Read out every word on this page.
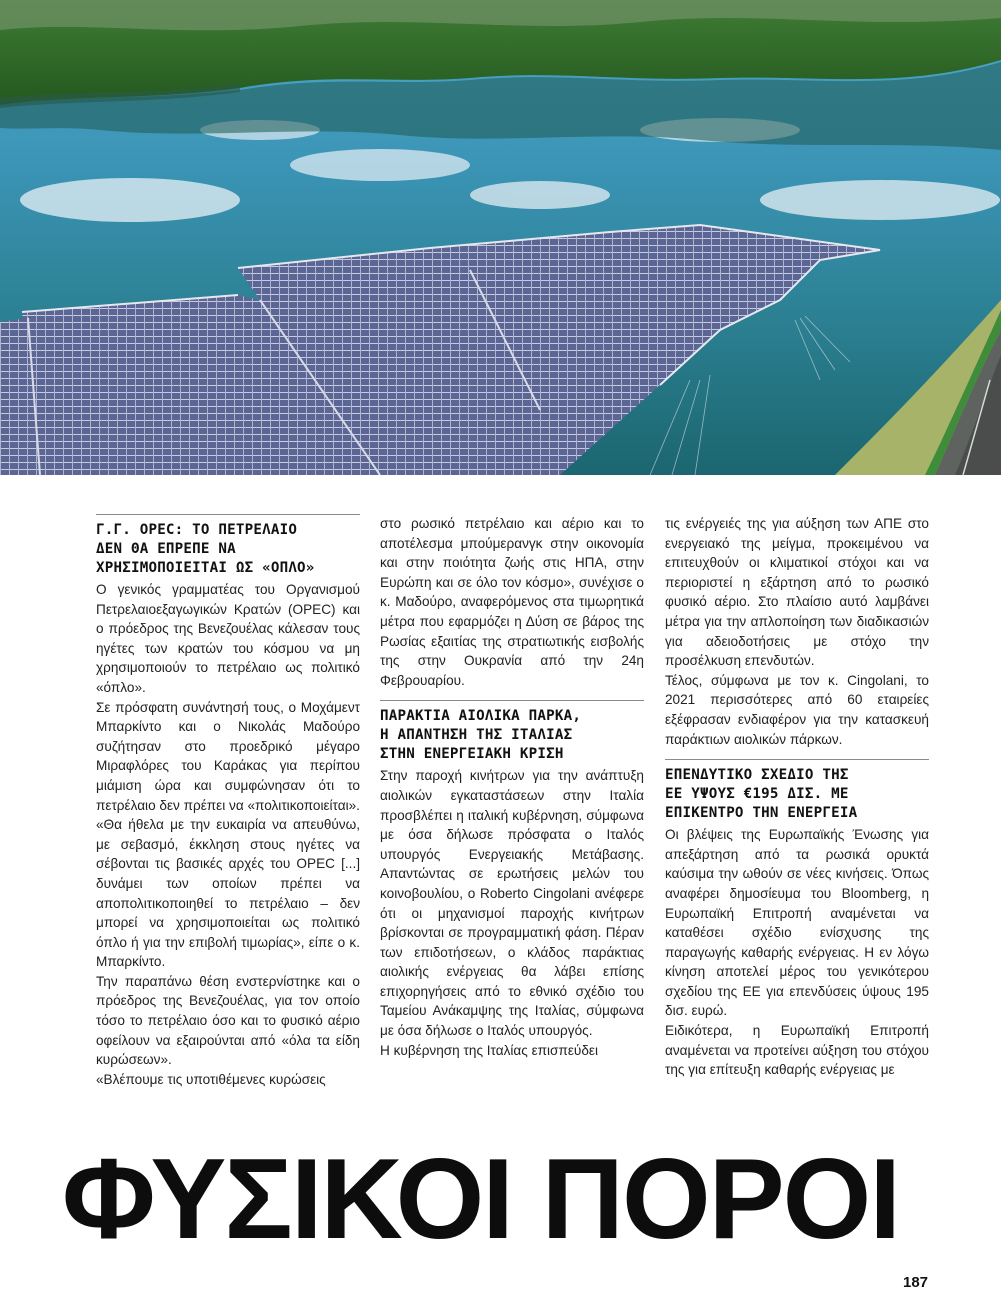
Γ.Γ. OPEC: ΤΟ ΠΕΤΡΕΛΑΙΟ
ΔΕΝ ΘΑ ΕΠΡΕΠΕ ΝΑ
ΧΡΗΣΙΜΟΠΟΙΕΙΤΑΙ ΩΣ «ΟΠΛΟ»

Ο γενικός γραμματέας του Οργανισμού Πετρελαιοεξαγωγικών Κρατών (OPEC) και ο πρόεδρος της Βενεζουέλας κάλεσαν τους ηγέτες των κρατών του κόσμου να μη χρησιμοποιούν το πετρέλαιο ως πολιτικό «όπλο».

Σε πρόσφατη συνάντησή τους, ο Μοχάμεντ Μπαρκίντο και ο Νικολάς Μαδούρο συζήτησαν στο προεδρικό μέγαρο Μιραφλόρες του Καράκας για περίπου μιάμιση ώρα και συμφώνησαν ότι το πετρέλαιο δεν πρέπει να «πολιτικοποιείται».

«Θα ήθελα με την ευκαιρία να απευθύνω, με σεβασμό, έκκληση στους ηγέτες να σέβονται τις βασικές αρχές του OPEC [...] δυνάμει των οποίων πρέπει να αποπολιτικοποιηθεί το πετρέλαιο – δεν μπορεί να χρησιμοποιείται ως πολιτικό όπλο ή για την επιβολή τιμωρίας», είπε ο κ. Μπαρκίντο.

Την παραπάνω θέση ενστερνίστηκε και ο πρόεδρος της Βενεζουέλας, για τον οποίο τόσο το πετρέλαιο όσο και το φυσικό αέριο οφείλουν να εξαιρούνται από «όλα τα είδη κυρώσεων».

«Βλέπουμε τις υποτιθέμενες κυρώσεις

στο ρωσικό πετρέλαιο και αέριο και το αποτέλεσμα μπούμερανγκ στην οικονομία και στην ποιότητα ζωής στις ΗΠΑ, στην Ευρώπη και σε όλο τον κόσμο», συνέχισε ο κ. Μαδούρο, αναφερόμενος στα τιμωρητικά μέτρα που εφαρμόζει η Δύση σε βάρος της Ρωσίας εξαιτίας της στρατιωτικής εισβολής της στην Ουκρανία από την 24η Φεβρουαρίου.

ΠΑΡΑΚΤΙΑ ΑΙΟΛΙΚΑ ΠΑΡΚΑ,
Η ΑΠΑΝΤΗΣΗ ΤΗΣ ΙΤΑΛΙΑΣ
ΣΤΗΝ ΕΝΕΡΓΕΙΑΚΗ ΚΡΙΣΗ

Στην παροχή κινήτρων για την ανάπτυξη αιολικών εγκαταστάσεων στην Ιταλία προσβλέπει η ιταλική κυβέρνηση, σύμφωνα με όσα δήλωσε πρόσφατα ο Ιταλός υπουργός Ενεργειακής Μετάβασης. Απαντώντας σε ερωτήσεις μελών του κοινοβουλίου, ο Roberto Cingolani ανέφερε ότι οι μηχανισμοί παροχής κινήτρων βρίσκονται σε προγραμματική φάση. Πέραν των επιδοτήσεων, ο κλάδος παράκτιας αιολικής ενέργειας θα λάβει επίσης επιχορηγήσεις από το εθνικό σχέδιο του Ταμείου Ανάκαμψης της Ιταλίας, σύμφωνα με όσα δήλωσε ο Ιταλός υπουργός.

Η κυβέρνηση της Ιταλίας επισπεύδει

τις ενέργειές της για αύξηση των ΑΠΕ στο ενεργειακό της μείγμα, προκειμένου να επιτευχθούν οι κλιματικοί στόχοι και να περιοριστεί η εξάρτηση από το ρωσικό φυσικό αέριο. Στο πλαίσιο αυτό λαμβάνει μέτρα για την απλοποίηση των διαδικασιών για αδειοδοτήσεις με στόχο την προσέλκυση επενδυτών.

Τέλος, σύμφωνα με τον κ. Cingolani, το 2021 περισσότερες από 60 εταιρείες εξέφρασαν ενδιαφέρον για την κατασκευή παράκτιων αιολικών πάρκων.

ΕΠΕΝΔΥΤΙΚΟ ΣΧΕΔΙΟ ΤΗΣ
ΕΕ ΥΨΟΥΣ €195 ΔΙΣ. ΜΕ
ΕΠΙΚΕΝΤΡΟ ΤΗΝ ΕΝΕΡΓΕΙΑ

Οι βλέψεις της Ευρωπαϊκής Ένωσης για απεξάρτηση από τα ρωσικά ορυκτά καύσιμα την ωθούν σε νέες κινήσεις. Όπως αναφέρει δημοσίευμα του Bloomberg, η Ευρωπαϊκή Επιτροπή αναμένεται να καταθέσει σχέδιο ενίσχυσης της παραγωγής καθαρής ενέργειας. Η εν λόγω κίνηση αποτελεί μέρος του γενικότερου σχεδίου της ΕΕ για επενδύσεις ύψους 195 δισ. ευρώ.

Ειδικότερα, η Ευρωπαϊκή Επιτροπή αναμένεται να προτείνει αύξηση του στόχου της για επίτευξη καθαρής ενέργειας με

ΦΥΣΙΚΟΙ ΠΟΡΟΙ
187
